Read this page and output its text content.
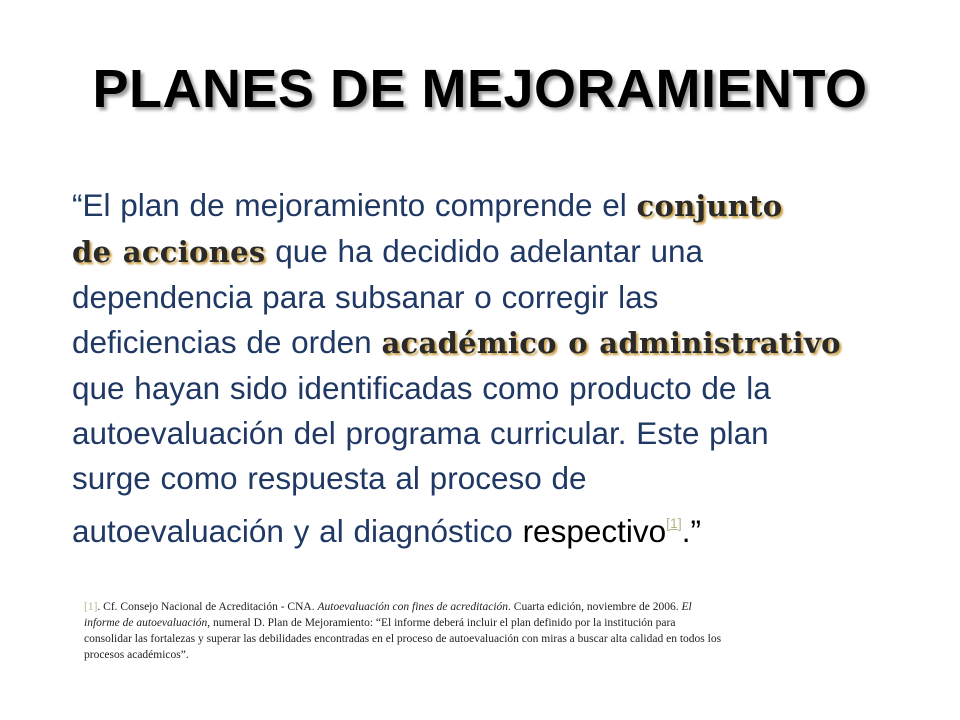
PLANES DE MEJORAMIENTO
“El plan de mejoramiento comprende el conjunto
de acciones que ha decidido adelantar una
dependencia para subsanar o corregir las
deficiencias de orden académico o administrativo
que hayan sido identificadas como producto de la
autoevaluación del programa curricular. Este plan
surge como respuesta al proceso de
autoevaluación y al diagnóstico respectivo[1].”
[1]. Cf. Consejo Nacional de Acreditación - CNA. Autoevaluación con fines de acreditación. Cuarta edición, noviembre de 2006. El
informe de autoevaluación, numeral D. Plan de Mejoramiento: “El informe deberá incluir el plan definido por la institución para
consolidar las fortalezas y superar las debilidades encontradas en el proceso de autoevaluación con miras a buscar alta calidad en todos los
procesos académicos”.
